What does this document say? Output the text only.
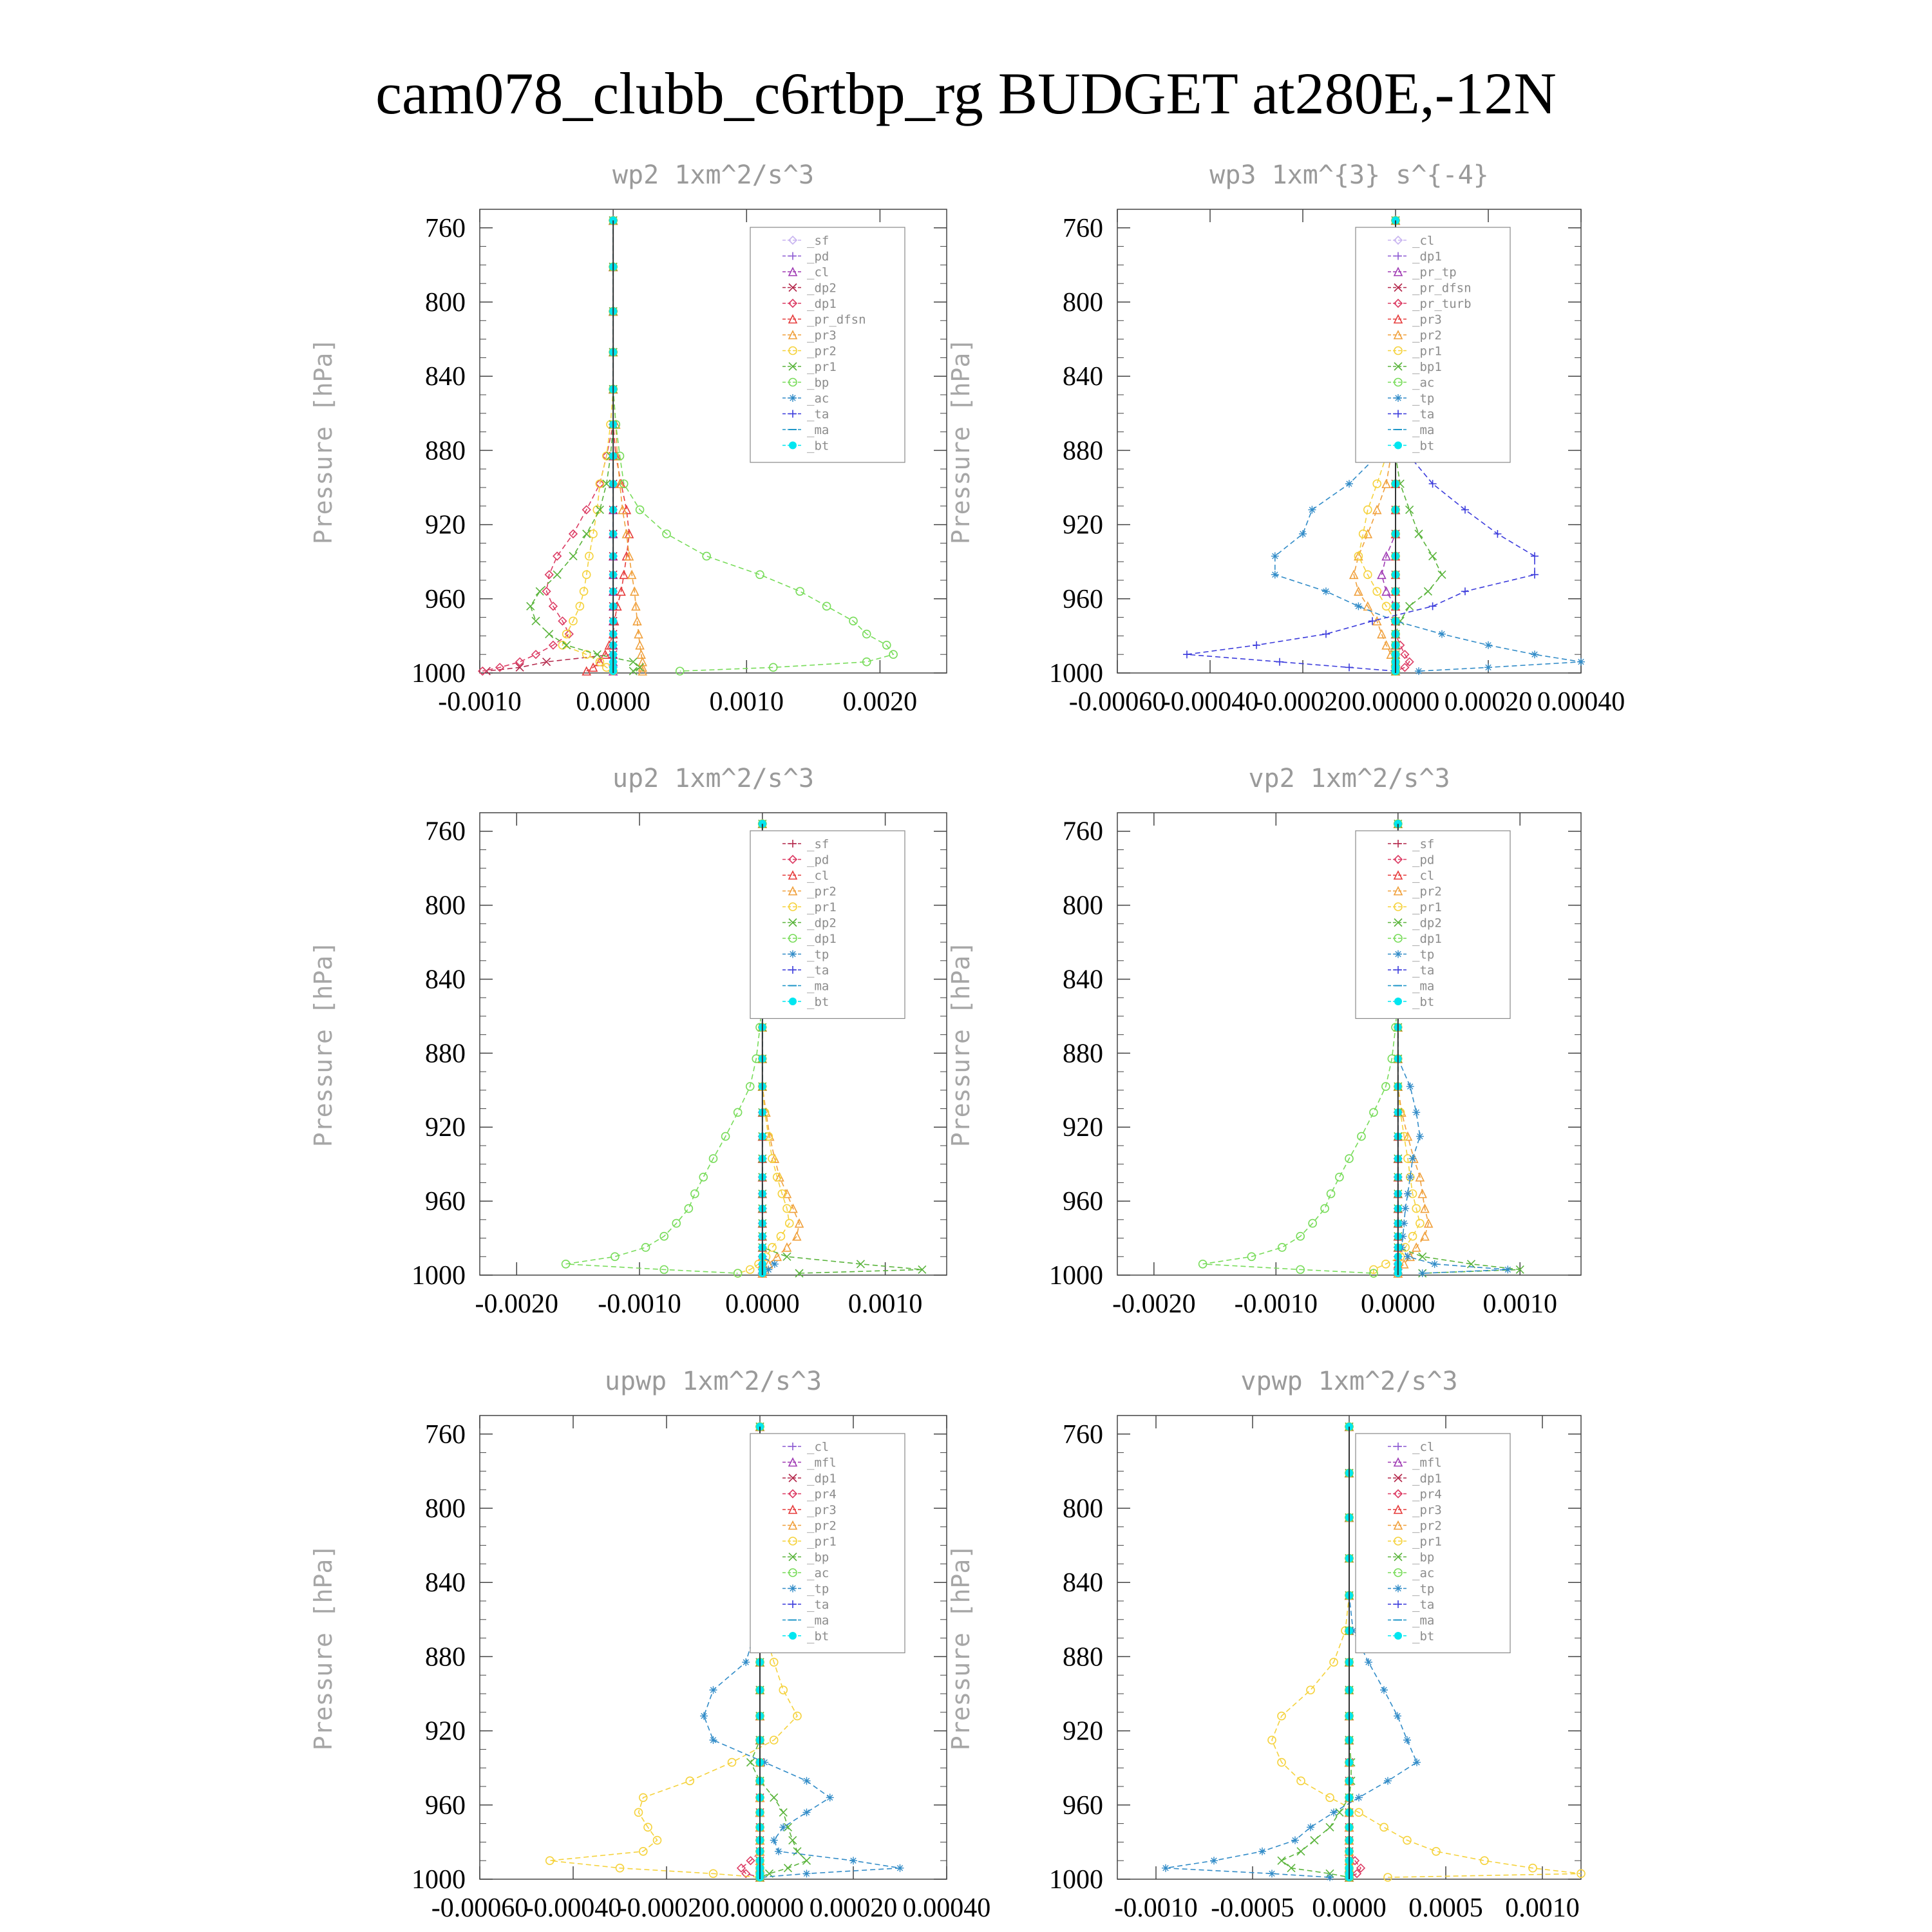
cam078_clubb_c6rtbp_rg BUDGET at280E,-12N
wp2 1xm^2/s^3
Pressure [hPa]
760
800
840
880
920
960
1000
-0.0010 0.0000 0.0010 0.0020
_sf
_pd
_cl
_dp2
_dp1
_pr_dfsn
_pr3
_pr2
_pr1
_bp
_ac
_ta
_ma
_bt
wp3 1xm^{3} s^{-4}
Pressure [hPa]
760
800
840
880
920
960
1000
-0.00060
-0.00040
-0.00020 0.00000 0.00020 0.00040
_cl
_dp1
_pr_tp
_pr_dfsn
_pr_turb
_pr3
_pr2
_pr1
_bp1
_ac
_tp
_ta
_ma
_bt
up2 1xm^2/s^3
Pressure [hPa]
760
800
840
880
920
960
1000
-0.0020 -0.0010 0.0000 0.0010
_sf
_pd
_cl
_pr2
_pr1
_dp2
_dp1
_tp
_ta
_ma
_bt
vp2 1xm^2/s^3
Pressure [hPa]
760
800
840
880
920
960
1000
-0.0020 -0.0010 0.0000 0.0010
_sf
_pd
_cl
_pr2
_pr1
_dp2
_dp1
_tp
_ta
_ma
_bt
upwp 1xm^2/s^3
Pressure [hPa]
760
800
840
880
920
960
1000
-0.00060
-0.00040
-0.00020 0.00000 0.00020 0.00040
_cl
_mfl
_dp1
_pr4
_pr3
_pr2
_pr1
_bp
_ac
_tp
_ta
_ma
_bt
vpwp 1xm^2/s^3
Pressure [hPa]
760
800
840
880
920
960
1000
-0.0010 -0.0005 0.0000 0.0005 0.0010
_cl
_mfl
_dp1
_pr4
_pr3
_pr2
_pr1
_bp
_ac
_tp
_ta
_ma
_bt
